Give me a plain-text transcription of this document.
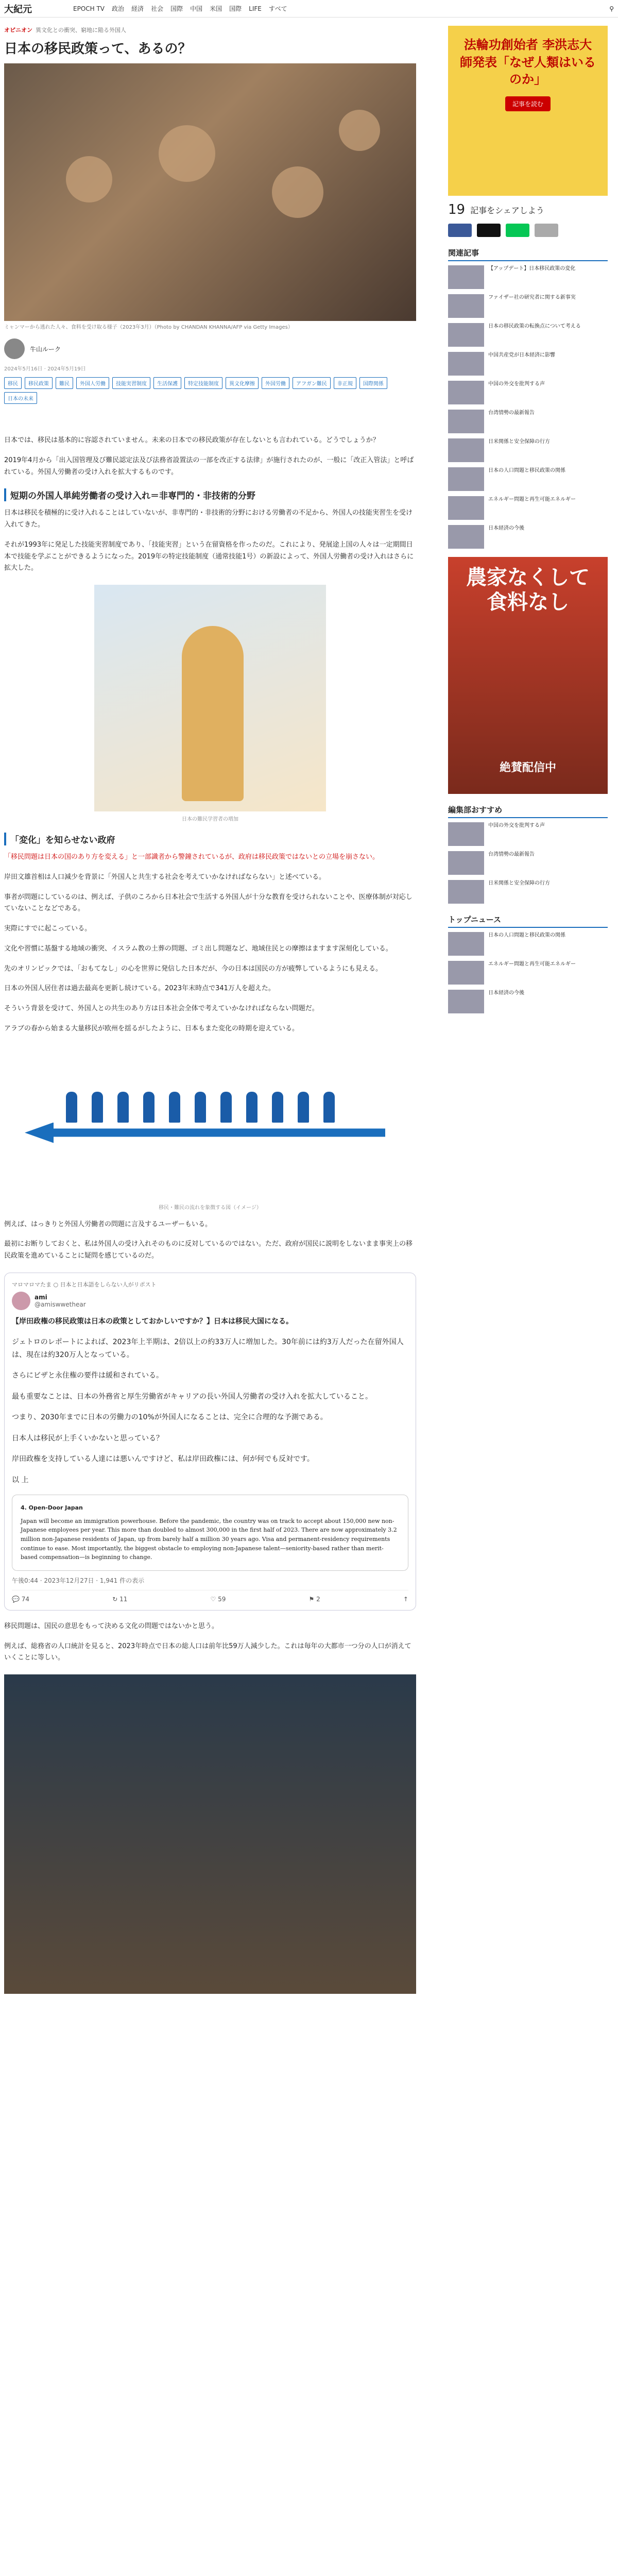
大紀元	EPOCH TV 政治 経済 社会 国際 中国 米国 国際 LIFE すべて	⚲
オピニオン 異文化との衝突、窮地に陥る外国人
日本の移民政策って、あるの？
ミャンマーから逃れた人々、食料を受け取る様子（2023年3月）（Photo by CHANDAN KHANNA/AFP via Getty Images）
牛山ルーク
2024年5月16日 · 2024年5月19日
移民	移民政策	難民	外国人労働	技能実習制度	生活保護	特定技能制度	異文化摩擦	外国労働	アフガン難民	非正規	国際関係
日本の未来

日本では、移民は基本的に容認されていません。未来の日本での移民政策が存在しないとも言われている。どうでしょうか？

2019年4月から「出入国管理及び難民認定法及び法務省設置法の一部を改正する法律」が施行されたのが、一般に「改正入管法」と呼ばれている。外国人労働者の受け入れを拡大するものです。

短期の外国人単純労働者の受け入れ＝非専門的・非技術的分野

日本は移民を積極的に受け入れることはしていないが、非専門的・非技術的分野における労働者の不足から、外国人の技能実習生を受け入れてきた。

それが1993年に発足した技能実習制度であり、「技能実習」という在留資格を作ったのだ。これにより、発展途上国の人々は一定期間日本で技能を学ぶことができるようになった。2019年の特定技能制度（通常技能1号）の新設によって、外国人労働者の受け入れはさらに拡大した。

日本の難民学習者の増加
「変化」を知らせない政府

「移民問題は日本の国のあり方を変える」と一部識者から警鐘されているが、政府は移民政策ではないとの立場を崩さない。

岸田文雄首相は人口減少を背景に「外国人と共生する社会を考えていかなければならない」と述べている。

事者が問題にしているのは、例えば、子供のころから日本社会で生活する外国人が十分な教育を受けられないことや、医療体制が対応していないことなどである。

実際にすでに起こっている。

文化や習慣に基盤する地域の衝突、イスラム教の土葬の問題、ゴミ出し問題など、地域住民との摩擦はますます深刻化している。

先のオリンピックでは、「おもてなし」の心を世界に発信した日本だが、今の日本は国民の方が疲弊しているようにも見える。

日本の外国人居住者は過去最高を更新し続けている。2023年末時点で341万人を超えた。

そういう背景を受けて、外国人との共生のあり方は日本社会全体で考えていかなければならない問題だ。

アラブの春から始まる大量移民が欧州を揺るがしたように、日本もまた変化の時期を迎えている。

移民・難民の流れを象徴する図（イメージ）

例えば、はっきりと外国人労働者の問題に言及するユーザーもいる。

最初にお断りしておくと、私は外国人の受け入れそのものに反対しているのではない。ただ、政府が国民に説明をしないまま事実上の移民政策を進めていることに疑問を感じているのだ。

マロマロマたま ○ 日本と日本語をしらない人がリポスト
ami
@amiswwethear

【岸田政権の移民政策は日本の政策としておかしいですか？】日本は移民大国になる。

ジェトロのレポートによれば、2023年上半期は、2倍以上の約33万人に増加した。30年前には約3万人だった在留外国人は、現在は約320万人となっている。

さらにビザと永住権の要件は緩和されている。

最も重要なことは、日本の外務省と厚生労働省がキャリアの長い外国人労働者の受け入れを拡大していること。

つまり、2030年までに日本の労働力の10%が外国人になることは、完全に合理的な予測である。

日本人は移民が上手くいかないと思っている？

岸田政権を支持している人達には悪いんですけど、私は岸田政権には、何が何でも反対です。

以 上

4. Open-Door Japan
Japan will become an immigration powerhouse. Before the pandemic, the country was on track to accept about 150,000 new non-Japanese employees per year. This more than doubled to almost 300,000 in the first half of 2023. There are now approximately 3.2 million non-Japanese residents of Japan, up from barely half a million 30 years ago. Visa and permanent-residency requirements continue to ease. Most importantly, the biggest obstacle to employing non-Japanese talent—seniority-based rather than merit-based compensation—is beginning to change.
午後0:44 · 2023年12月27日 · 1,941 件の表示
💬 74	↻ 11	♡ 59	⚑ 2	↑

移民問題は、国民の意思をもって決める文化の問題ではないかと思う。

例えば、総務省の人口統計を見ると、2023年時点で日本の総人口は前年比59万人減少した。これは毎年の大都市一つ分の人口が消えていくことに等しい。

法輪功創始者 李洪志大師発表「なぜ人類はいるのか」
記事を読む
19 記事をシェアしよう
関連記事
【アップデート】日本移民政策の変化
ファイザー社の研究者に関する新事実
日本の移民政策の転換点について考える
中国共産党が日本経済に影響
中国の外交を批判する声
台湾情勢の最新報告
日米関係と安全保障の行方
日本の人口問題と移民政策の関係
エネルギー問題と再生可能エネルギー
日本経済の今後
農家なくして食料なし
絶賛配信中
編集部おすすめ
中国の外交を批判する声
台湾情勢の最新報告
日米関係と安全保障の行方
トップニュース
日本の人口問題と移民政策の関係
エネルギー問題と再生可能エネルギー
日本経済の今後
